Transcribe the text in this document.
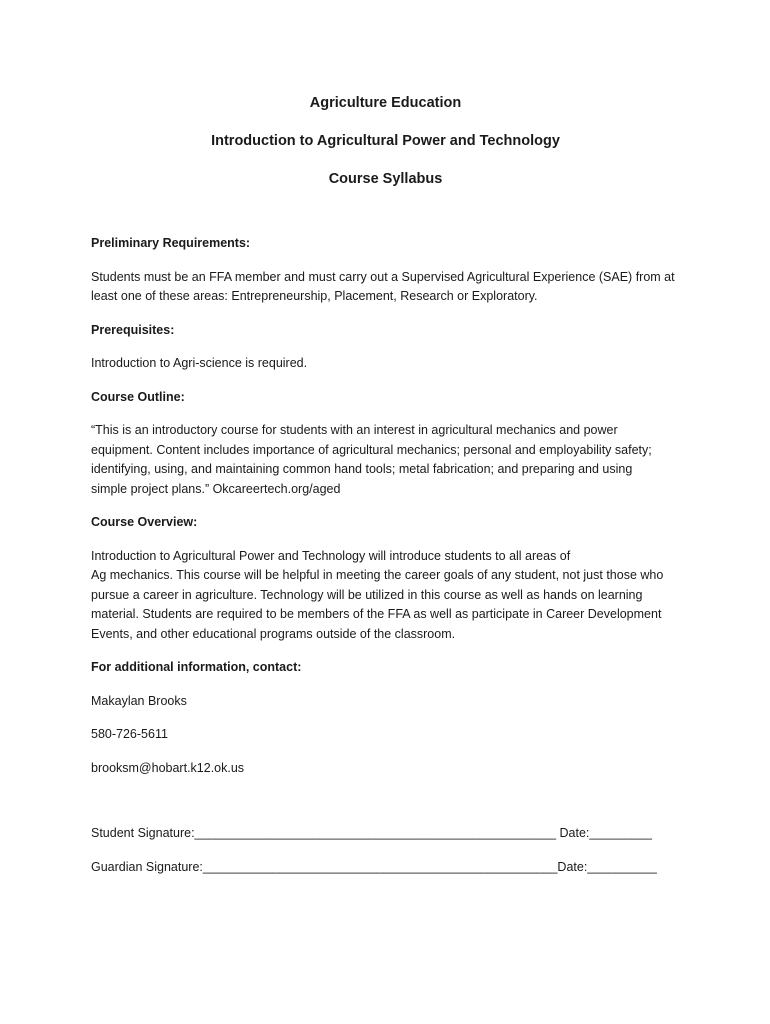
Agriculture Education

Introduction to Agricultural Power and Technology

Course Syllabus

Preliminary Requirements:

Students must be an FFA member and must carry out a Supervised Agricultural Experience (SAE) from at

least one of these areas: Entrepreneurship, Placement, Research or Exploratory.

Prerequisites:

Introduction to Agri-science is required.

Course Outline:

“This is an introductory course for students with an interest in agricultural mechanics and power

equipment. Content includes importance of agricultural mechanics; personal and employability safety;

identifying, using, and maintaining common hand tools; metal fabrication; and preparing and using

simple project plans.” Okcareertech.org/aged

Course Overview:

Introduction to Agricultural Power and Technology will introduce students to all areas of

Ag mechanics. This course will be helpful in meeting the career goals of any student, not just those who

pursue a career in agriculture. Technology will be utilized in this course as well as hands on learning

material. Students are required to be members of the FFA as well as participate in Career Development

Events, and other educational programs outside of the classroom.

For additional information, contact:

Makaylan Brooks

580-726-5611

brooksm@hobart.k12.ok.us

Student Signature:____________________________________________________ Date:_________

Guardian Signature:___________________________________________________Date:__________
